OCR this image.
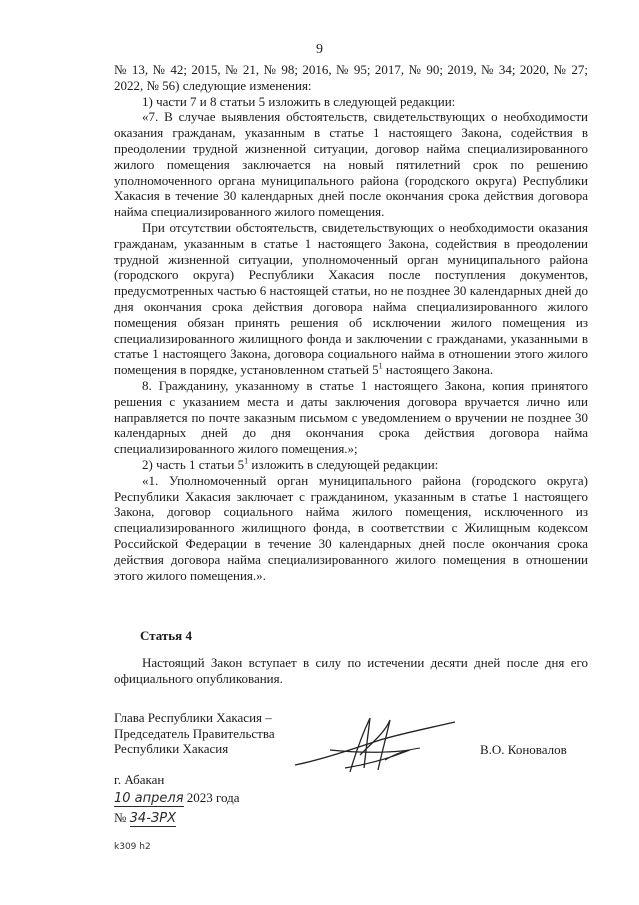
9

№ 13, № 42; 2015, № 21, № 98; 2016, № 95; 2017, № 90; 2019, № 34; 2020, № 27; 2022, № 56) следующие изменения:

1) части 7 и 8 статьи 5 изложить в следующей редакции:

«7. В случае выявления обстоятельств, свидетельствующих о необходимости оказания гражданам, указанным в статье 1 настоящего Закона, содействия в преодолении трудной жизненной ситуации, договор найма специализированного жилого помещения заключается на новый пятилетний срок по решению уполномоченного органа муниципального района (городского округа) Республики Хакасия в течение 30 календарных дней после окончания срока действия договора найма специализированного жилого помещения.

При отсутствии обстоятельств, свидетельствующих о необходимости оказания гражданам, указанным в статье 1 настоящего Закона, содействия в преодолении трудной жизненной ситуации, уполномоченный орган муниципального района (городского округа) Республики Хакасия после поступления документов, предусмотренных частью 6 настоящей статьи, но не позднее 30 календарных дней до дня окончания срока действия договора найма специализированного жилого помещения обязан принять решения об исключении жилого помещения из специализированного жилищного фонда и заключении с гражданами, указанными в статье 1 настоящего Закона, договора социального найма в отношении этого жилого помещения в порядке, установленном статьей $5^1$ настоящего Закона.

8. Гражданину, указанному в статье 1 настоящего Закона, копия принятого решения с указанием места и даты заключения договора вручается лично или направляется по почте заказным письмом с уведомлением о вручении не позднее 30 календарных дней до дня окончания срока действия договора найма специализированного жилого помещения.»;

2) часть 1 статьи $5^1$ изложить в следующей редакции:

«1. Уполномоченный орган муниципального района (городского округа) Республики Хакасия заключает с гражданином, указанным в статье 1 настоящего Закона, договор социального найма жилого помещения, исключенного из специализированного жилищного фонда, в соответствии с Жилищным кодексом Российской Федерации в течение 30 календарных дней после окончания срока действия договора найма специализированного жилого помещения в отношении этого жилого помещения.».

Статья 4

Настоящий Закон вступает в силу по истечении десяти дней после дня его официального опубликования.

Глава Республики Хакасия –
Председатель Правительства
Республики Хакасия	В.О. Коновалов
г. Абакан
10 апреля 2023 года
№ 34-ЗРХ
k309 h2
